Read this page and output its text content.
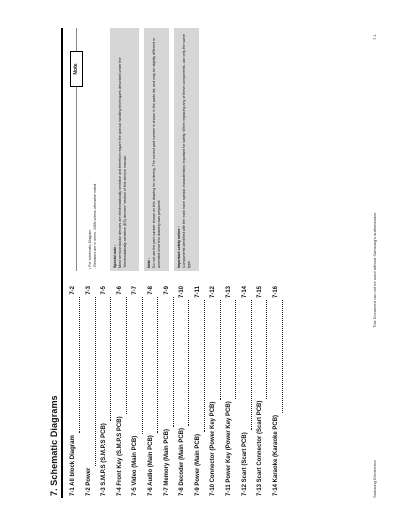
7. Schematic Diagrams 7-1 All block Diagram
7-2
7-2 Power
7-3
7-3 S.M.P.S (S.M.P.S PCB)
7-5
7-4 Front Key (S.M.P.S PCB)
7-6
7-5 Video (Main PCB)
7-7
7-6 Audio (Main PCB)
7-8
7-7 Memory (Main PCB)
7-9
7-8 Decoder (Main PCB)
7-10
7-9 Power (Main PCB)
7-11
7-10 Connector (Power Key PCB)
7-12
7-11 Power Key (Power Key PCB)
7-13
7-12 Scart (Scart PCB)
7-14
7-13 Scart Connector (Scart PCB)
7-15
7-14 Karaoke (Karaoke PCB)
7-16
Note
• For schematic Diagram
- Resistors are in ohms, 1/8W unless otherwise noted.
Special note : Most semiconductor devices are electrostatically sensitive and therefore require the special handling techniques described under the "electrostatically sensitive (ES) devices" section of this service manual.	Note : Do not use the part number shown on this drawing for ordering. The correct part number is shown in the parts list, and may be slightly different or amended since this drawing was prepared.	Important safety notice : Components identified with the mark have special characteristics important for safety. When replacing any of these components, use only the same type.
Samsung Electronics
This Document can not be used without Samsung's authorization.
7-1
